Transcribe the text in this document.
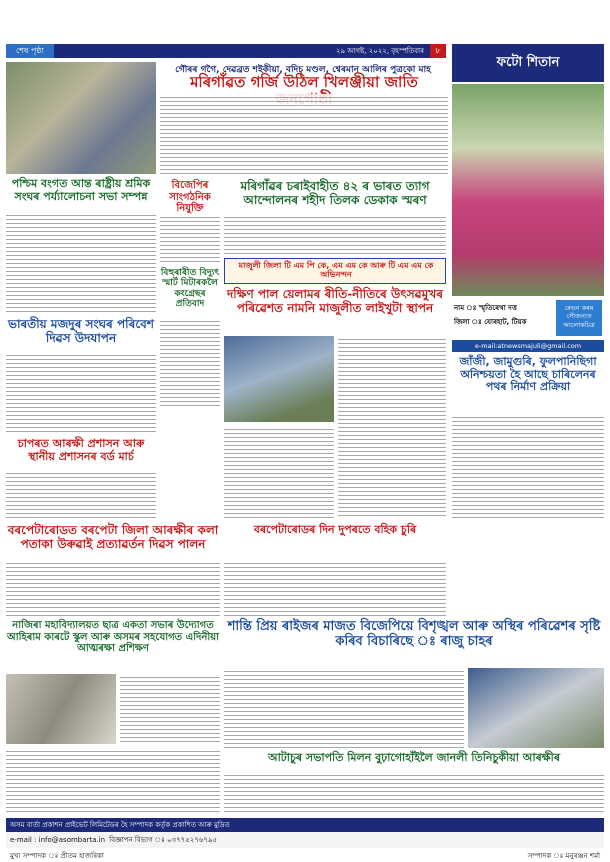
শেষ পৃষ্ঠা	২৯ আগষ্ট, ২০২২, বৃহস্পতিবাৰ	৮
গৌৰৰ গগৈ, দেৱব্ৰত শইকীয়া, বদিচ মণ্ডল, শ্বেৰমান আলিৰ পুত্ৰকো মাহ
মৰিগাঁৱত গৰ্জি উঠিল খিলঞ্জীয়া জাতি
পশ্চিম বংগত আন্ত ৰাষ্ট্ৰীয় শ্ৰমিক সংঘৰ পৰ্য্যালোচনা সভা সম্পন্ন
বিজেপিৰ সাংগঠনিক নিযুক্তি
বিহুৰাৰীত বিদ্যুৎ স্মাৰ্ট মিটাৰকলৈ কংগ্ৰেছৰ প্ৰতিবাদ
মৰিগাঁৱৰ চৰাইবাহীত ৪২ ৰ ভাৰত ত্যাগ আন্দোলনৰ শহীদ তিলক ডেকাক স্মৰণ
মাজুলী জিলা টি এম পি কে, এম এম কে আৰু টি এম এম কে অভিনন্দন
দক্ষিণ পাল য়েলামৰ ৰীতি-নীতিৰে উৎসৱমুখৰ পৰিৱেশত নামনি মাজুলীত লাইখুটা স্থাপন
ভাৰতীয় মজদুৰ সংঘৰ পৰিবেশ দিৱস উদযাপন
চাপৰত আৰক্ষী প্ৰশাসন আৰু স্থানীয় প্ৰশাসনৰ বৰ্ড মাৰ্চ
ফটো শিতান
নাম ঃ স্মৃতিৰেখা দত্ত
জিলা ঃ যোৰহাট, টিয়ক
ৰেভন কৰৰ সৌজন্যত আলোকচিত্ৰ
e-mail:atnewsmajuli@gmail.com
জাঁজী, জামুগুৰি, ফুলপানিছিগা অনিশ্চয়তা হৈ আছে চাৰিলেনৰ পথৰ নিৰ্মাণ প্ৰক্ৰিয়া
বৰপেটাৰোডত বৰপেটা জিলা আৰক্ষীৰ কলা পতাকা উৰুৱাই প্ৰত্যাৱৰ্তন দিৱস পালন
নাজিৰা মহাবিদ্যালয়ত ছাত্ৰ একতা সভাৰ উদ্যোগত আহিৰাম কাৰটে স্কুল আৰু অসমৰ সহযোগত এদিনীয়া আত্মৰক্ষা প্ৰশিক্ষণ
বৰপেটাৰোডৰ দিন দুপৰতে বহিক চুৰি
শান্তি প্ৰিয় ৰাইজৰ মাজত বিজেপিয়ে বিশৃঙ্খল আৰু অস্থিৰ পৰিৱেশৰ সৃষ্টি কৰিব বিচাৰিছে ঃ ৰাজু চাহৰ
আটাচুৰ সভাপতি মিলন বুঢ়াগোহাঁইলৈ জানলী তিনিচুকীয়া আৰক্ষীৰ
অসম বাৰ্তা প্ৰকাশন প্ৰাইভেট লিমিটেডৰ হৈ সম্পাদক কৰ্তৃক প্ৰকাশিত আৰু মুদ্ৰিত
e-mail : info@asombarta.in বিজ্ঞাপন বিভাগ ঃ ০৩৭৭৫২৭৬৭৯৫
মুখ্য সম্পাদক ঃ প্ৰীতম হাজৰিকা	সম্পাদক ঃ মনুৰঞ্জন শৰ্মা
